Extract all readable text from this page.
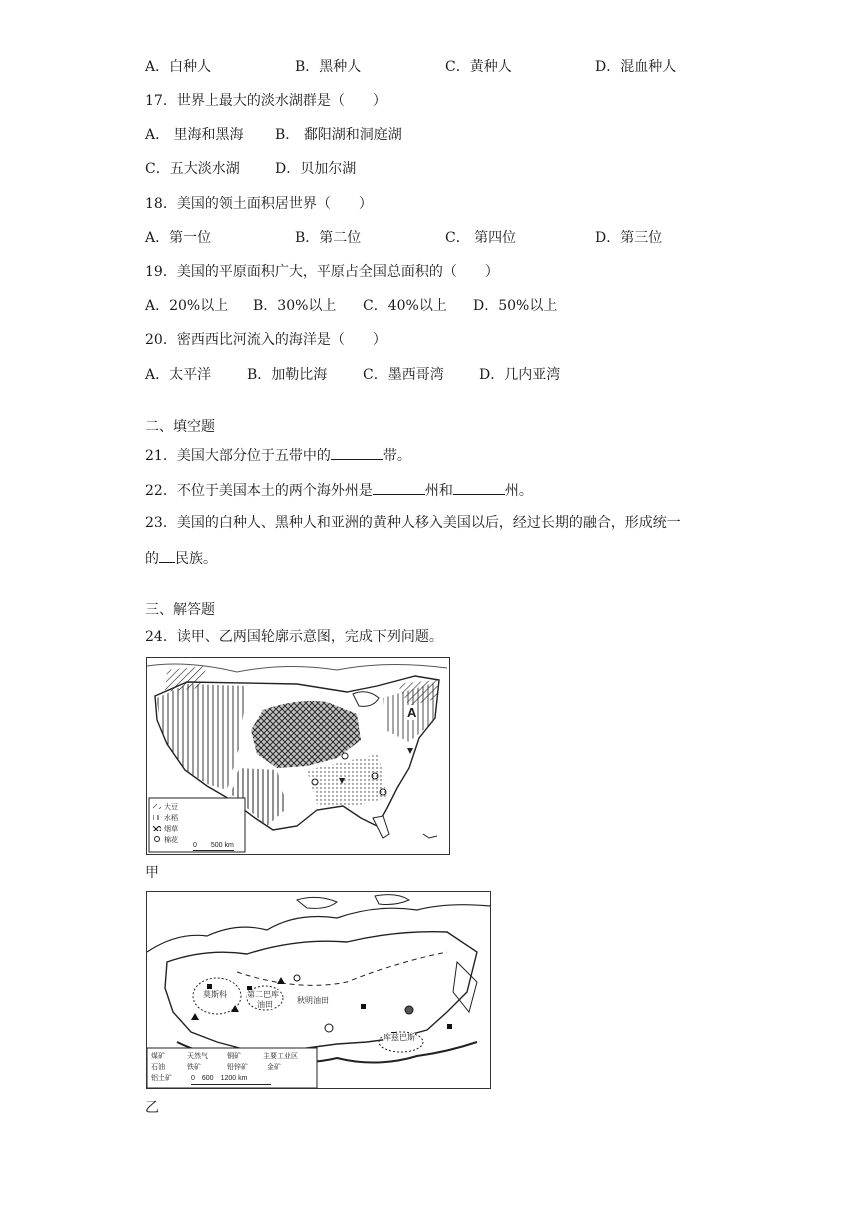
A．白种人	B．黑种人	C．黄种人	D．混血种人
17．世界上最大的淡水湖群是（　　）
A． 里海和黑海 B． 鄱阳湖和洞庭湖
C．五大淡水湖	D．贝加尔湖
18．美国的领土面积居世界（　　）
A．第一位	B．第二位	C． 第四位	D．第三位
19．美国的平原面积广大，平原占全国总面积的（　　）
A．20%以上 B．30%以上 C．40%以上 D．50%以上
20．密西西比河流入的海洋是（　　）
A．太平洋	B．加勒比海	C．墨西哥湾	D．几内亚湾
二、填空题
21．美国大部分位于五带中的	带。
22．不位于美国本土的两个海外州是	州和	州。
23．美国的白种人、黑种人和亚洲的黄种人移入美国以后，经过长期的融合，形成统一
的 民族。
三、解答题
24．读甲、乙两国轮廓示意图，完成下列问题。
A
大豆
水稻
烟草
棉花
0　　500 km
甲
莫斯科	第二巴库
油田	秋明油田
库兹巴斯
煤矿	天然气	铜矿	主要工业区
石油	铁矿	铅锌矿	金矿
铝土矿	0　600　1200 km
乙
